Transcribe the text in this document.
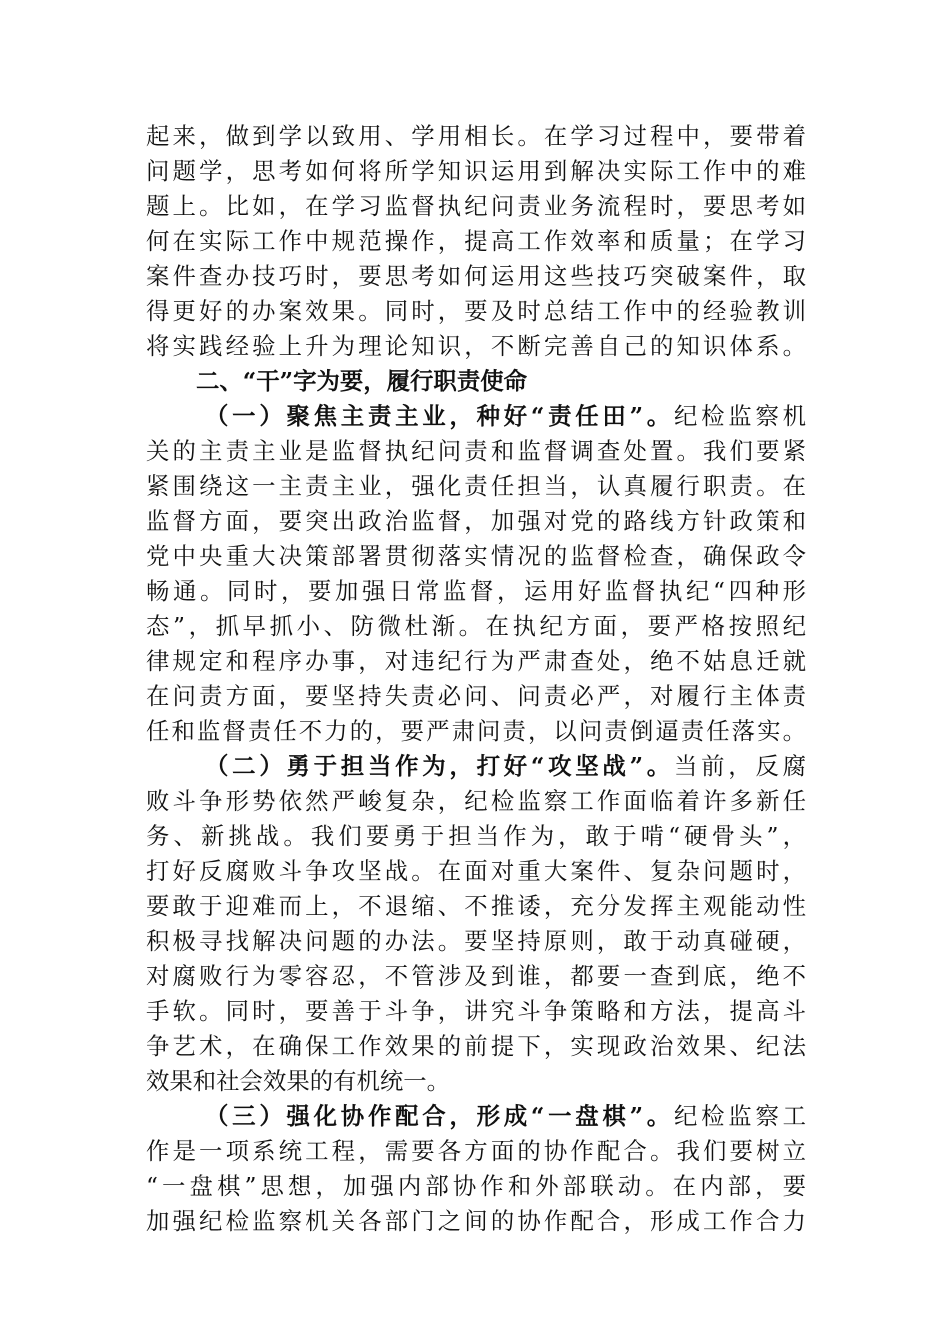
起来，做到学以致用、学用相长。在学习过程中，要带着
问题学，思考如何将所学知识运用到解决实际工作中的难
题上。比如，在学习监督执纪问责业务流程时，要思考如
何在实际工作中规范操作，提高工作效率和质量；在学习
案件查办技巧时，要思考如何运用这些技巧突破案件，取
得更好的办案效果。同时，要及时总结工作中的经验教训
将实践经验上升为理论知识，不断完善自己的知识体系。
二、“干”字为要，履行职责使命
（一）聚焦主责主业，种好“责任田”。纪检监察机
关的主责主业是监督执纪问责和监督调查处置。我们要紧
紧围绕这一主责主业，强化责任担当，认真履行职责。在
监督方面，要突出政治监督，加强对党的路线方针政策和
党中央重大决策部署贯彻落实情况的监督检查，确保政令
畅通。同时，要加强日常监督，运用好监督执纪“四种形
态”，抓早抓小、防微杜渐。在执纪方面，要严格按照纪
律规定和程序办事，对违纪行为严肃查处，绝不姑息迁就
在问责方面，要坚持失责必问、问责必严，对履行主体责
任和监督责任不力的，要严肃问责，以问责倒逼责任落实。
（二）勇于担当作为，打好“攻坚战”。当前，反腐
败斗争形势依然严峻复杂，纪检监察工作面临着许多新任
务、新挑战。我们要勇于担当作为，敢于啃“硬骨头”，
打好反腐败斗争攻坚战。在面对重大案件、复杂问题时，
要敢于迎难而上，不退缩、不推诿，充分发挥主观能动性
积极寻找解决问题的办法。要坚持原则，敢于动真碰硬，
对腐败行为零容忍，不管涉及到谁，都要一查到底，绝不
手软。同时，要善于斗争，讲究斗争策略和方法，提高斗
争艺术，在确保工作效果的前提下，实现政治效果、纪法
效果和社会效果的有机统一。
（三）强化协作配合，形成“一盘棋”。纪检监察工
作是一项系统工程，需要各方面的协作配合。我们要树立
“一盘棋”思想，加强内部协作和外部联动。在内部，要
加强纪检监察机关各部门之间的协作配合，形成工作合力
